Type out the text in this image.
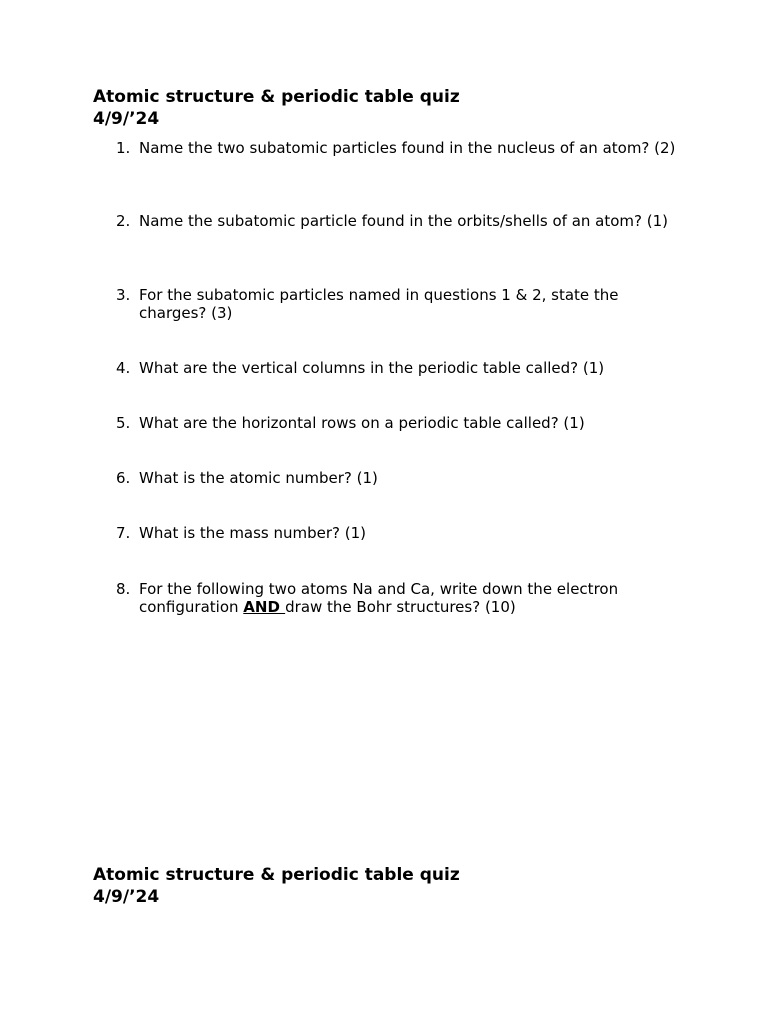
Atomic structure & periodic table quiz
4/9/’24
1. Name the two subatomic particles found in the nucleus of an atom? (2)
2. Name the subatomic particle found in the orbits/shells of an atom? (1)
3. For the subatomic particles named in questions 1 & 2, state the charges? (3)
4. What are the vertical columns in the periodic table called? (1)
5. What are the horizontal rows on a periodic table called? (1)
6. What is the atomic number? (1)
7. What is the mass number? (1)
8. For the following two atoms Na and Ca, write down the electron configuration AND draw the Bohr structures? (10)
Atomic structure & periodic table quiz
4/9/’24
